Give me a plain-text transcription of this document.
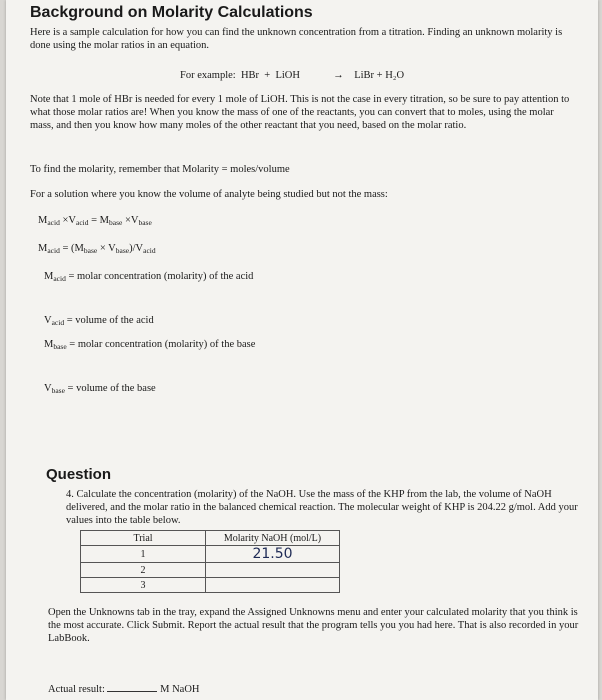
Background on Molarity Calculations
Here is a sample calculation for how you can find the unknown concentration from a titration. Finding an unknown molarity is done using the molar ratios in an equation.
For example: HBr + LiOH	→ LiBr + H₂O
Note that 1 mole of HBr is needed for every 1 mole of LiOH. This is not the case in every titration, so be sure to pay attention to what those molar ratios are! When you know the mass of one of the reactants, you can convert that to moles, using the molar mass, and then you know how many moles of the other reactant that you need, based on the molar ratio.
To find the molarity, remember that Molarity = moles/volume
For a solution where you know the volume of analyte being studied but not the mass:
$M_{acid} \times V_{acid} = M_{base} \times V_{base}$
$M_{acid} = (M_{base} \times V_{base})/V_{acid}$
$M_{acid}$ = molar concentration (molarity) of the acid
$V_{acid}$ = volume of the acid
$M_{base}$ = molar concentration (molarity) of the base
$V_{base}$ = volume of the base
Question
4. Calculate the concentration (molarity) of the NaOH. Use the mass of the KHP from the lab, the volume of NaOH delivered, and the molar ratio in the balanced chemical reaction. The molecular weight of KHP is 204.22 g/mol. Add your values into the table below.
Trial	Molarity NaOH (mol/L)
1	21.50
2	
3	
Open the Unknowns tab in the tray, expand the Assigned Unknowns menu and enter your calculated molarity that you think is the most accurate. Click Submit. Report the actual result that the program tells you you had here. That is also recorded in your LabBook.
Actual result:	M NaOH
